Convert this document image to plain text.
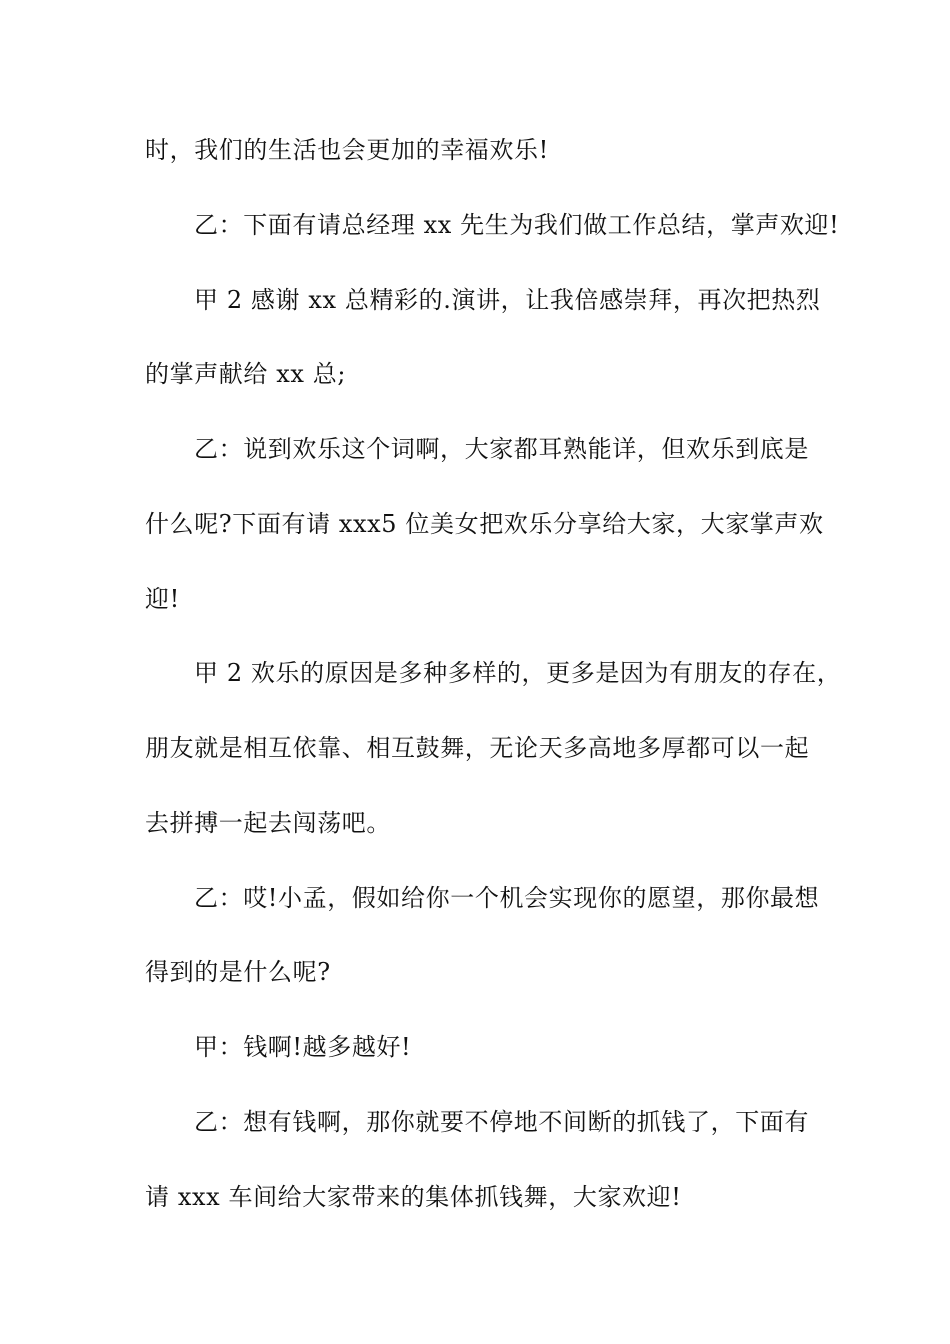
时，我们的生活也会更加的幸福欢乐!
乙：下面有请总经理 xx 先生为我们做工作总结，掌声欢迎!
甲 2 感谢 xx 总精彩的.演讲，让我倍感崇拜，再次把热烈
的掌声献给 xx 总;
乙：说到欢乐这个词啊，大家都耳熟能详，但欢乐到底是
什么呢?下面有请 xxx5 位美女把欢乐分享给大家，大家掌声欢
迎!
甲 2 欢乐的原因是多种多样的，更多是因为有朋友的存在，
朋友就是相互依靠、相互鼓舞，无论天多高地多厚都可以一起
去拼搏一起去闯荡吧。
乙：哎!小孟，假如给你一个机会实现你的愿望，那你最想
得到的是什么呢?
甲：钱啊!越多越好!
乙：想有钱啊，那你就要不停地不间断的抓钱了，下面有
请 xxx 车间给大家带来的集体抓钱舞，大家欢迎!
